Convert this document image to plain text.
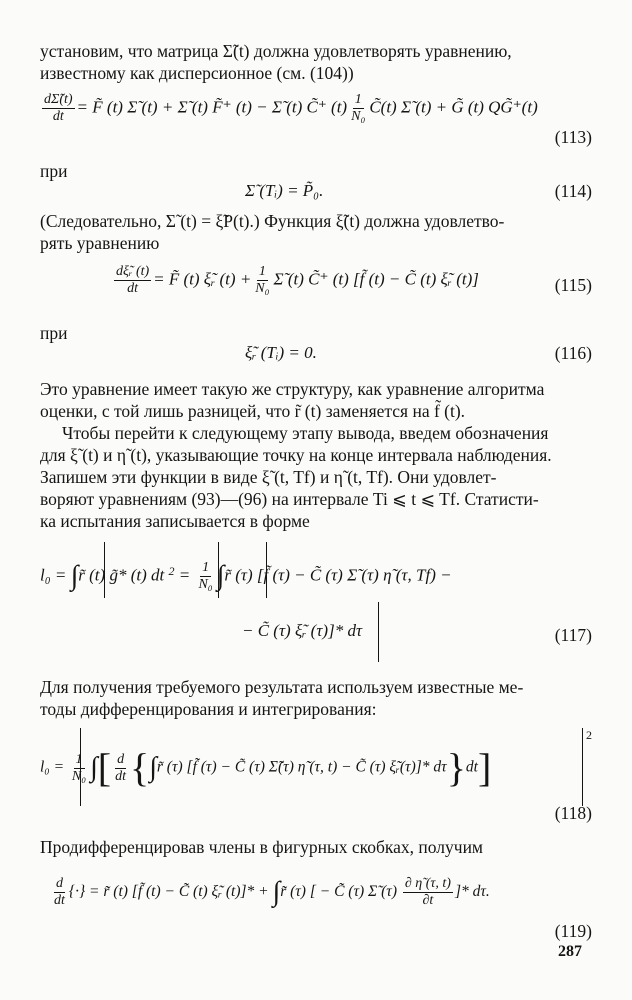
установим, что матрица Σ̃(t) должна удовлетворять уравнению,
известному как дисперсионное (см. (104))
$\frac{d\Sigmã(t)}{dt}$ = F̃ (t) Σ̃ (t) + Σ̃ (t) F̃⁺ (t) − Σ̃ (t) C̃⁺ $(t) \frac{1}{\text{N₀}}$ C̃(t) Σ̃ (t) + G̃ (t) QG̃⁺(t)
(113)
при
Σ̃ (Tᵢ) = P̃₀.	(114)
(Следовательно, Σ̃ (t) = ξ̃P(t).) Функция ξ̃(t) должна удовлетво-
рять уравнению
$\frac{\text{dξ̃ᵣ (t)}}{dt}$ = F̃ (t) ξ̃ᵣ $(t) + \frac{1}{\text{N₀}}$ Σ̃ (t) C̃⁺ (t) [f̃ (t) − C̃ (t) ξ̃ᵣ (t)]	(115)
при
ξ̃ᵣ (Tᵢ) = 0.	(116)
Это уравнение имеет такую же структуру, как уравнение алгоритма
оценки, с той лишь разницей, что r̃ (t) заменяется на f̃ (t).
Чтобы перейти к следующему этапу вывода, введем обозначения
для ξ̃ (t) и η̃ (t), указывающие точку на конце интервала наблюдения.
Запишем эти функции в виде ξ̃ (t, Tf) и η̃ (t, Tf). Они удовлет-
воряют уравнениям (93)—(96) на интервале Ti ⩽ t ⩽ Tf. Статисти-
ка испытания записывается в форме
l₀ = ∫r̃ (t) g̃* (t) dt $^2 = \frac{1}{\text{N₀}}$ ∫r̃ (τ) [f̃ (τ) − C̃ (τ) Σ̃ (τ) η̃ (τ, Tf) −
− C̃ (τ) ξ̃ᵣ (τ)]* dτ	(117)
Для получения требуемого результата используем известные ме-
тоды дифференцирования и интегрирования:
$l_0 = \frac{1}{\text{N₀}}$ ∫[ $\frac{d}{dt}$ {∫r̃ (τ) [f̃ (τ) − C̃ (τ) Σ̃(τ) η̃ (τ, t) − C̃ (τ) ξ̃ᵣ(τ)]* dτ}dt]
2
(118)
Продифференцировав члены в фигурных скобках, получим
$\frac{d}{dt}$ {·} = r̃ (t) [f̃ (t) − C̃ (t) ξ̃ᵣ (t)]* + ∫r̃ (τ) [ − C̃ (τ) Σ̃ $(\tau) \frac{\partial \etã (\tau, t)}{\partial t}$ ]* dτ.
(119)
287
